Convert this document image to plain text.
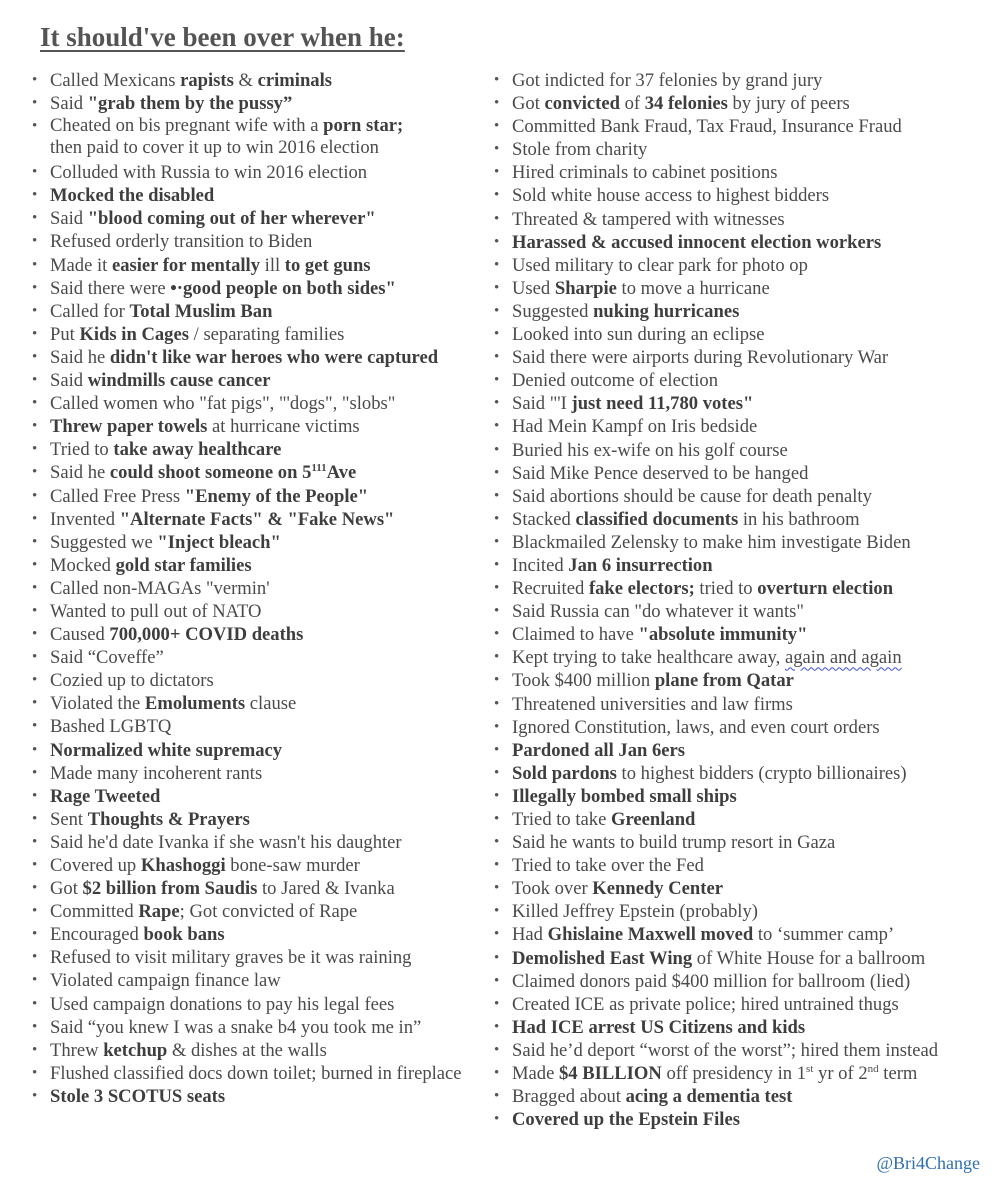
It should've been over when he:
• Called Mexicans rapists & criminals
• Said "grab them by the pussy”
• Cheated on bis pregnant wife with a porn star;
then paid to cover it up to win 2016 election
• Colluded with Russia to win 2016 election
• Mocked the disabled
• Said "blood coming out of her wherever"
• Refused orderly transition to Biden
• Made it easier for mentally ill to get guns
• Said there were •·good people on both sides"
• Called for Total Muslim Ban
• Put Kids in Cages / separating families
• Said he didn't like war heroes who were captured
• Said windmills cause cancer
• Called women who "fat pigs", "'dogs", "slobs"
• Threw paper towels at hurricane victims
• Tried to take away healthcare
• Said he could shoot someone on $5^{111}Ave$
• Called Free Press "Enemy of the People"
• Invented "Alternate Facts" & "Fake News"
• Suggested we "Inject bleach"
• Mocked gold star families
• Called non-MAGAs "vermin'
• Wanted to pull out of NATO
• Caused 700,000+ COVID deaths
• Said “Coveffe”
• Cozied up to dictators
• Violated the Emoluments clause
• Bashed LGBTQ
• Normalized white supremacy
• Made many incoherent rants
• Rage Tweeted
• Sent Thoughts & Prayers
• Said he'd date Ivanka if she wasn't his daughter
• Covered up Khashoggi bone-saw murder
• Got $2 billion from Saudis to Jared & Ivanka
• Committed Rape; Got convicted of Rape
• Encouraged book bans
• Refused to visit military graves be it was raining
• Violated campaign finance law
• Used campaign donations to pay his legal fees
• Said “you knew I was a snake b4 you took me in”
• Threw ketchup & dishes at the walls
• Flushed classified docs down toilet; burned in fireplace
• Stole 3 SCOTUS seats
• Got indicted for 37 felonies by grand jury
• Got convicted of 34 felonies by jury of peers
• Committed Bank Fraud, Tax Fraud, Insurance Fraud
• Stole from charity
• Hired criminals to cabinet positions
• Sold white house access to highest bidders
• Threated & tampered with witnesses
• Harassed & accused innocent election workers
• Used military to clear park for photo op
• Used Sharpie to move a hurricane
• Suggested nuking hurricanes
• Looked into sun during an eclipse
• Said there were airports during Revolutionary War
• Denied outcome of election
• Said "'I just need 11,780 votes"
• Had Mein Kampf on Iris bedside
• Buried his ex-wife on his golf course
• Said Mike Pence deserved to be hanged
• Said abortions should be cause for death penalty
• Stacked classified documents in his bathroom
• Blackmailed Zelensky to make him investigate Biden
• Incited Jan 6 insurrection
• Recruited fake electors; tried to overturn election
• Said Russia can "do whatever it wants"
• Claimed to have "absolute immunity"
• Kept trying to take healthcare away, again and again
• Took $400 million plane from Qatar
• Threatened universities and law firms
• Ignored Constitution, laws, and even court orders
• Pardoned all Jan 6ers
• Sold pardons to highest bidders (crypto billionaires)
• Illegally bombed small ships
• Tried to take Greenland
• Said he wants to build trump resort in Gaza
• Tried to take over the Fed
• Took over Kennedy Center
• Killed Jeffrey Epstein (probably)
• Had Ghislaine Maxwell moved to ‘summer camp’
• Demolished East Wing of White House for a ballroom
• Claimed donors paid $400 million for ballroom (lied)
• Created ICE as private police; hired untrained thugs
• Had ICE arrest US Citizens and kids
• Said he’d deport “worst of the worst”; hired them instead
• Made $4 BILLION off presidency in 1st yr of 2nd term
• Bragged about acing a dementia test
• Covered up the Epstein Files
@Bri4Change
